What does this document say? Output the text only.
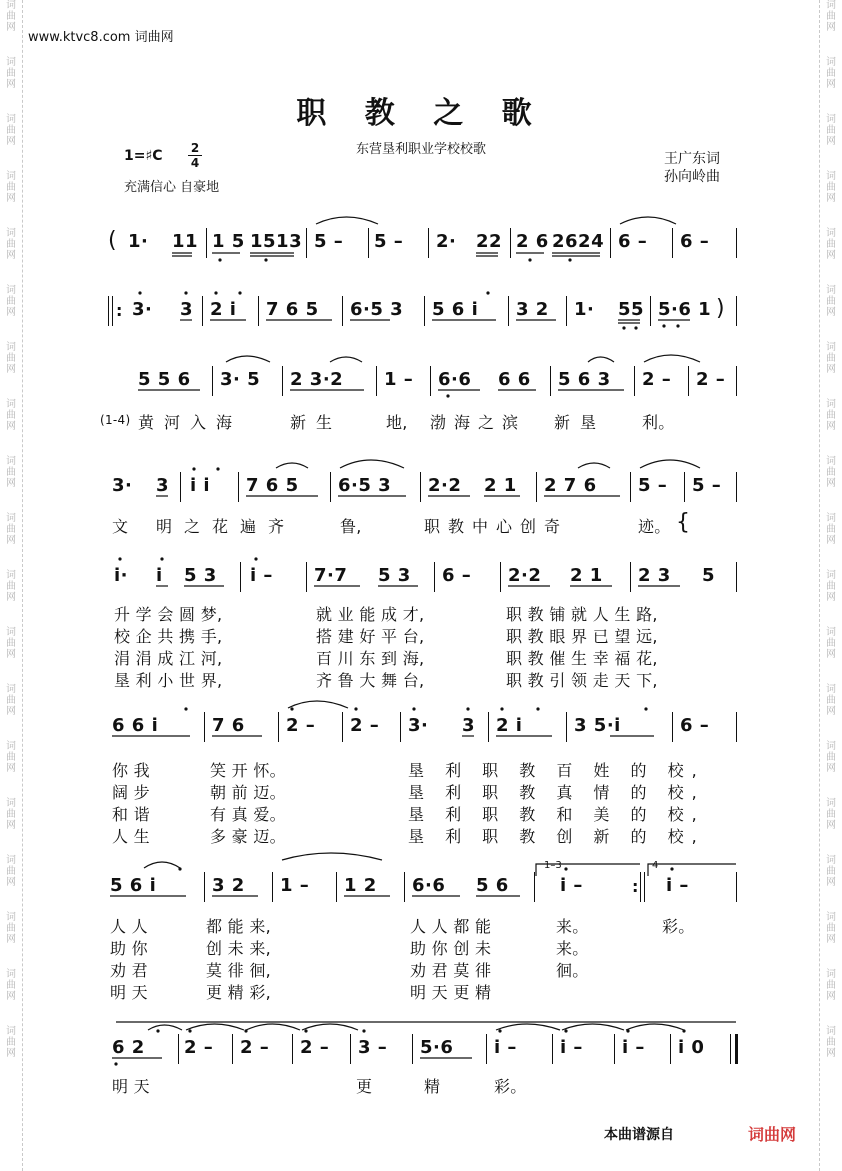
词
曲
网
词
曲
网
词
曲
网
词
曲
网
词
曲
网
词
曲
网
词
曲
网
词
曲
网
词
曲
网
词
曲
网
词
曲
网
词
曲
网
词
曲
网
词
曲
网
词
曲
网
词
曲
网
词
曲
网
词
曲
网
词
曲
网
词
曲
网
词
曲
网
词
曲
网
词
曲
网
词
曲
网
词
曲
网
词
曲
网
词
曲
网
词
曲
网
词
曲
网
词
曲
网
词
曲
网
词
曲
网
词
曲
网
词
曲
网
词
曲
网
词
曲
网
词
曲
网
词
曲
网
www.ktvc8.com 词曲网
职 教 之 歌
东营垦利职业学校校歌
1=♯C 2
4
充满信心 自豪地
王广东词
孙向岭曲
( 1· 11 1 5 1513 5 – 5 – 2· 22 2 6 2624 6 – 6 –
: 3· 3 2 i 7 6 5 6·5 3 5 6 i 3 2 1· 55 5·6 1 )
5 5 6 3· 5 2 3·2 1 – 6·6 6 6 5 6 3 2 – 2 –
(1-4) 黄河入海	新生	地, 渤海之滨 新垦 利。
3· 3 i i 7 6 5 6·5 3 2·2 2 1 2 7 6 5 – 5 –
文 明之花遍齐	鲁,	职教中心创奇	迹。 {
i· i 5 3 i – 7·7 5 3 6 – 2·2 2 1 2 3 5
升 学 会 圆 梦,	就 业 能 成 才,	职 教 铺 就 人 生 路,
校 企 共 携 手,	搭 建 好 平 台,	职 教 眼 界 已 望 远,
涓 涓 成 江 河,	百 川 东 到 海,	职 教 催 生 幸 福 花,
垦 利 小 世 界,	齐 鲁 大 舞 台,	职 教 引 领 走 天 下,
6 6 i	7 6 2 – 2 – 3· 3 2 i	3 5·i	6 –
你 我	笑 开 怀。	垦 利 职 教 百 姓 的 校,
阔 步	朝 前 迈。	垦 利 职 教 真 情 的 校,
和 谐	有 真 爱。	垦 利 职 教 和 美 的 校,
人 生	多 豪 迈。	垦 利 职 教 创 新 的 校,
5 6 i	3 2 1 – 1 2 6·6 5 6
1–3
i –	:
4
i –
人 人	都 能 来,	人 人 都 能	来。	彩。
助 你	创 未 来,	助 你 创 未	来。
劝 君	莫 徘 徊,	劝 君 莫 徘	徊。
明 天	更 精 彩,	明 天 更 精
6 2 2 – 2 – 2 – 3 – 5·6 i – i – i – i 0
明 天	更	精	彩。
本曲谱源自	词曲网
